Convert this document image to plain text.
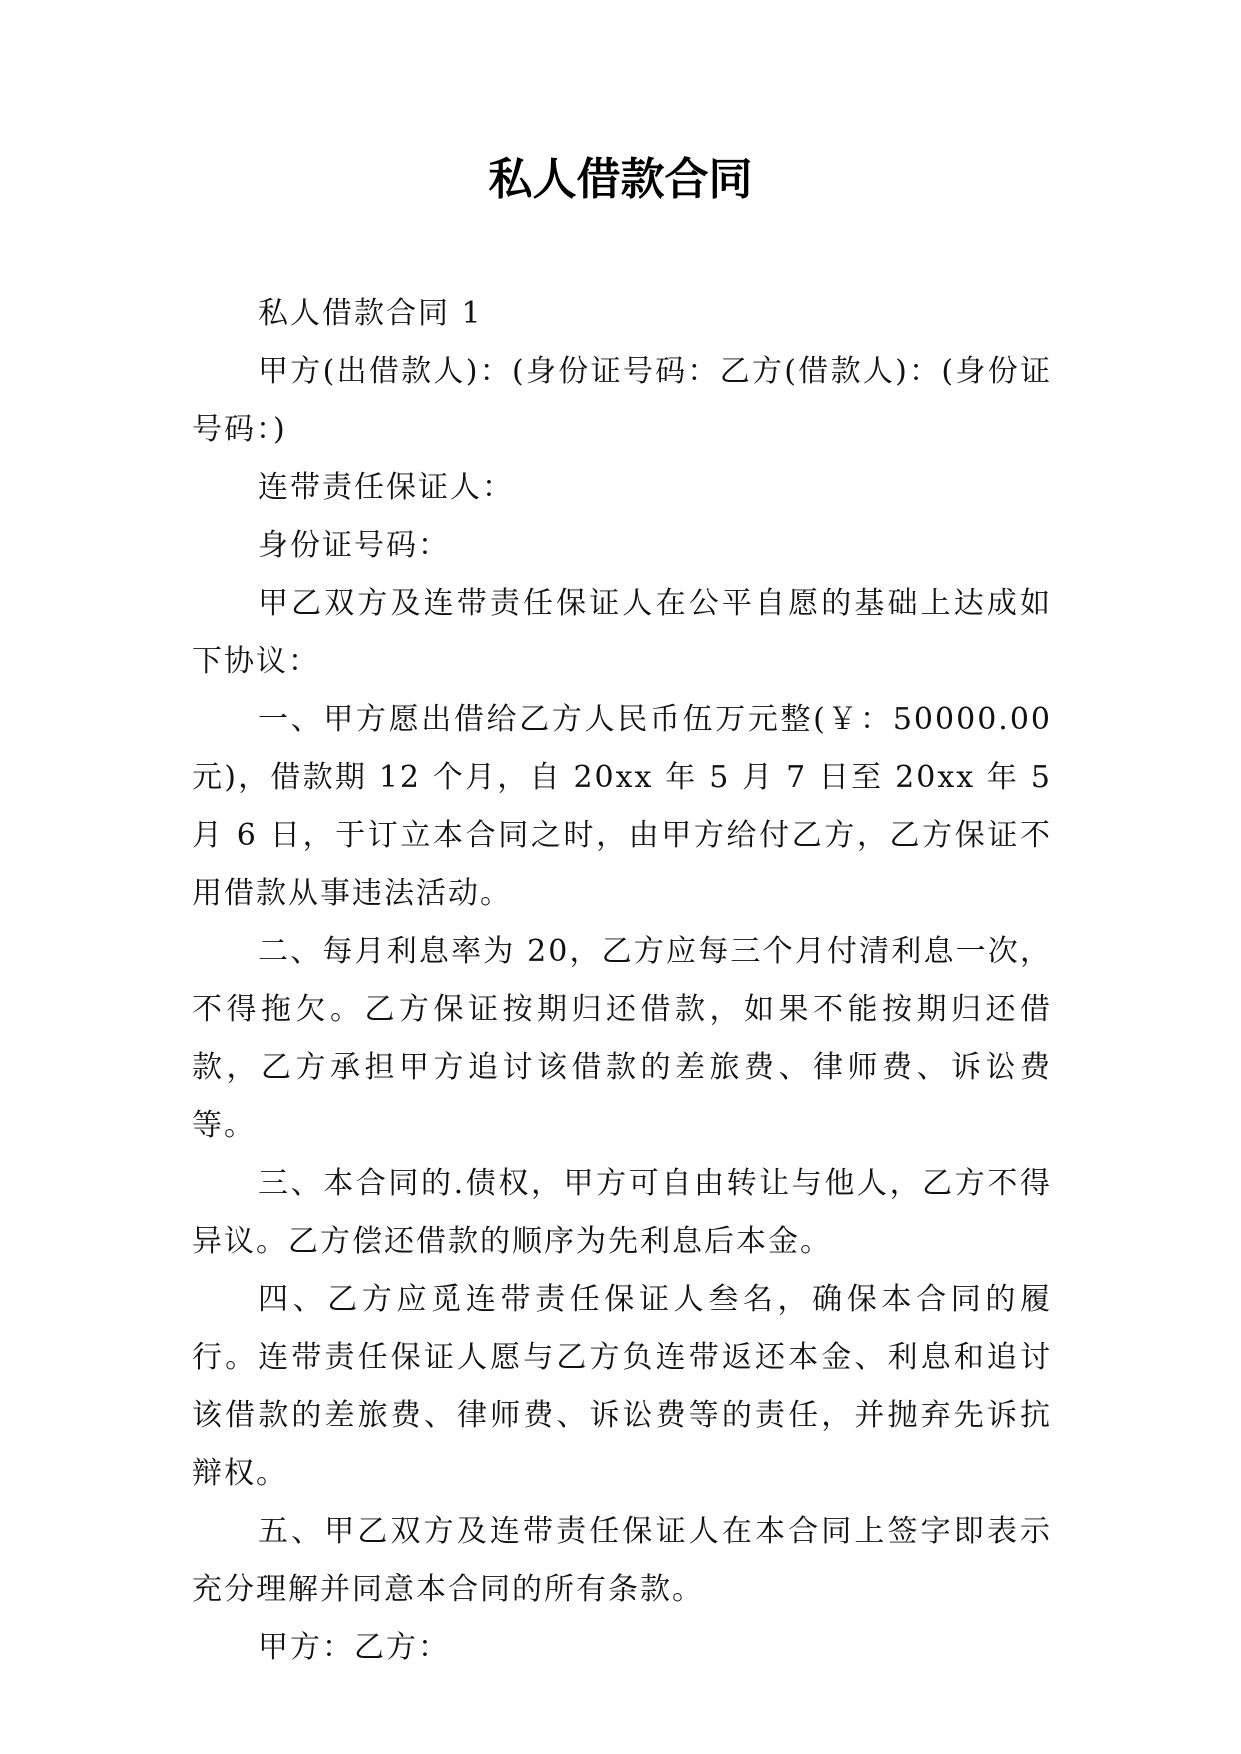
私人借款合同

私人借款合同 1

甲方(出借款人)：(身份证号码：乙方(借款人)：(身份证号码：)

连带责任保证人：

身份证号码：

甲乙双方及连带责任保证人在公平自愿的基础上达成如下协议：

一、甲方愿出借给乙方人民币伍万元整(￥：50000.00元)，借款期 12 个月，自 20xx 年 5 月 7 日至 20xx 年 5 月 6 日，于订立本合同之时，由甲方给付乙方，乙方保证不用借款从事违法活动。

二、每月利息率为 20，乙方应每三个月付清利息一次，不得拖欠。乙方保证按期归还借款，如果不能按期归还借款，乙方承担甲方追讨该借款的差旅费、律师费、诉讼费等。

三、本合同的.债权，甲方可自由转让与他人，乙方不得异议。乙方偿还借款的顺序为先利息后本金。

四、乙方应觅连带责任保证人叁名，确保本合同的履行。连带责任保证人愿与乙方负连带返还本金、利息和追讨该借款的差旅费、律师费、诉讼费等的责任，并抛弃先诉抗辩权。

五、甲乙双方及连带责任保证人在本合同上签字即表示充分理解并同意本合同的所有条款。

甲方：乙方：
